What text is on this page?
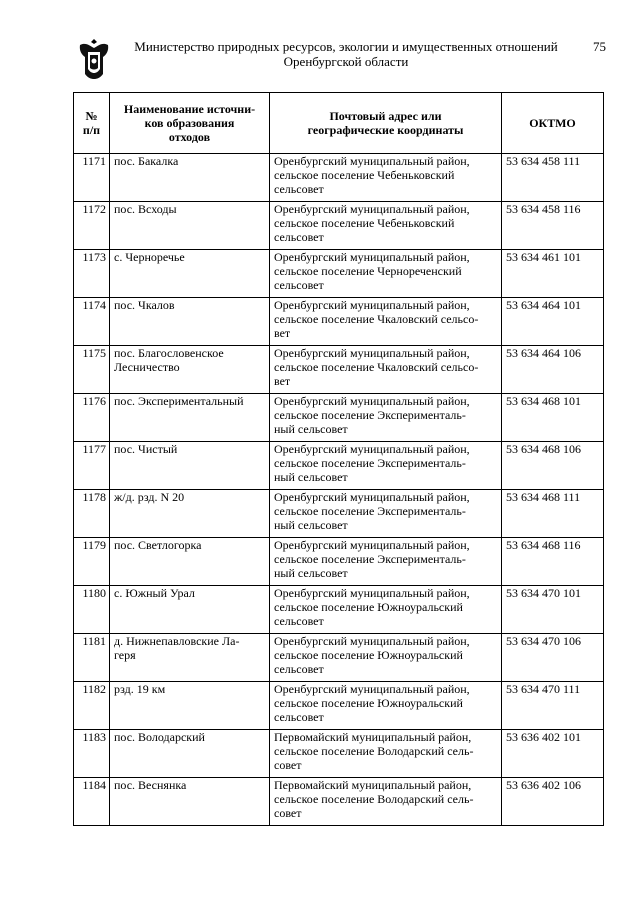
Министерство природных ресурсов, экологии и имущественных отношений
Оренбургской области
75
№
п/п	Наименование источни-
ков образования
отходов	Почтовый адрес или
географические координаты	ОКТМО

1171	пос. Бакалка	Оренбургский муниципальный район,
сельское поселение Чебеньковский
сельсовет	53 634 458 111
1172	пос. Всходы	Оренбургский муниципальный район,
сельское поселение Чебеньковский
сельсовет	53 634 458 116
1173	с. Черноречье	Оренбургский муниципальный район,
сельское поселение Чернореченский
сельсовет	53 634 461 101
1174	пос. Чкалов	Оренбургский муниципальный район,
сельское поселение Чкаловский сельсо-
вет	53 634 464 101
1175	пос. Благословенское
Лесничество	Оренбургский муниципальный район,
сельское поселение Чкаловский сельсо-
вет	53 634 464 106
1176	пос. Экспериментальный	Оренбургский муниципальный район,
сельское поселение Эксперименталь-
ный сельсовет	53 634 468 101
1177	пос. Чистый	Оренбургский муниципальный район,
сельское поселение Эксперименталь-
ный сельсовет	53 634 468 106
1178	ж/д. рзд. N 20	Оренбургский муниципальный район,
сельское поселение Эксперименталь-
ный сельсовет	53 634 468 111
1179	пос. Светлогорка	Оренбургский муниципальный район,
сельское поселение Эксперименталь-
ный сельсовет	53 634 468 116
1180	с. Южный Урал	Оренбургский муниципальный район,
сельское поселение Южноуральский
сельсовет	53 634 470 101
1181	д. Нижнепавловские Ла-
геря	Оренбургский муниципальный район,
сельское поселение Южноуральский
сельсовет	53 634 470 106
1182	рзд. 19 км	Оренбургский муниципальный район,
сельское поселение Южноуральский
сельсовет	53 634 470 111
1183	пос. Володарский	Первомайский муниципальный район,
сельское поселение Володарский сель-
совет	53 636 402 101
1184	пос. Веснянка	Первомайский муниципальный район,
сельское поселение Володарский сель-
совет	53 636 402 106
